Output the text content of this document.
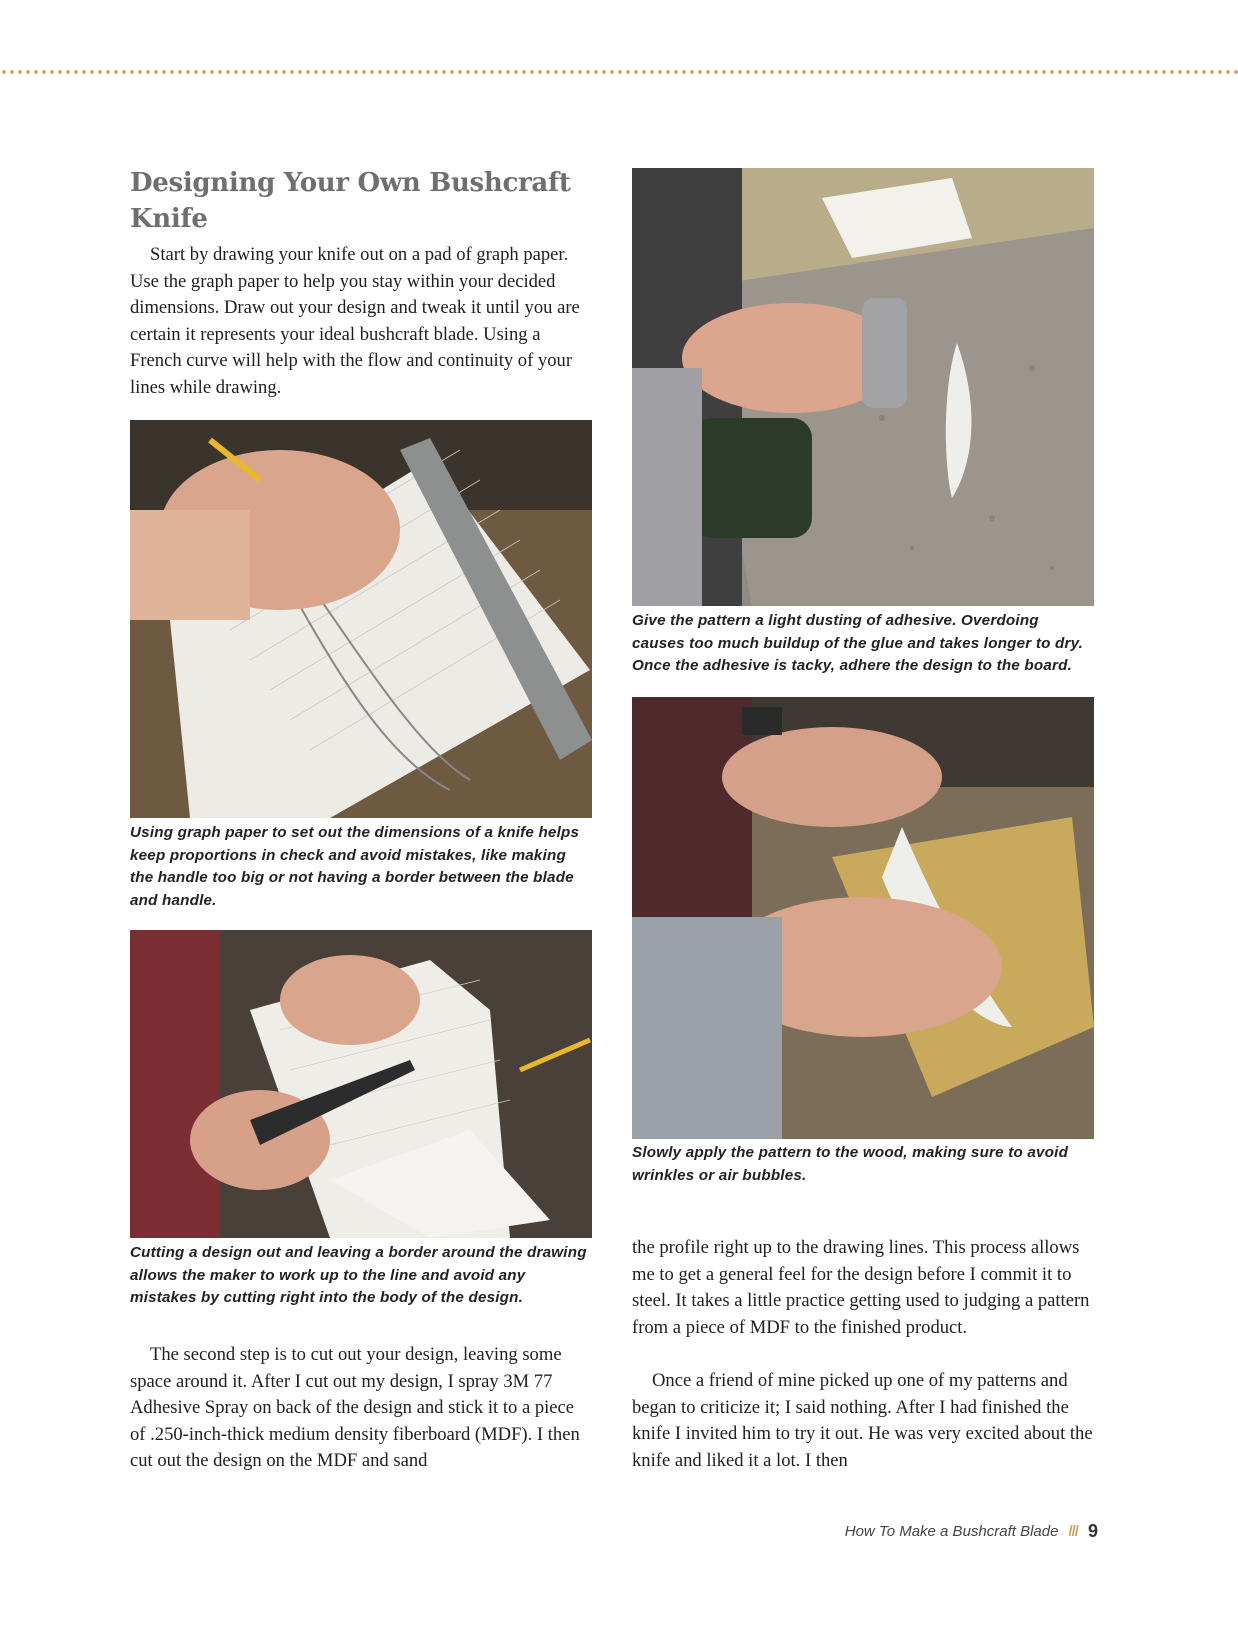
Designing Your Own Bushcraft Knife

Start by drawing your knife out on a pad of graph paper. Use the graph paper to help you stay within your decided dimensions. Draw out your design and tweak it until you are certain it represents your ideal bushcraft blade. Using a French curve will help with the flow and continuity of your lines while drawing.

Using graph paper to set out the dimensions of a knife helps keep proportions in check and avoid mistakes, like making the handle too big or not having a border between the blade and handle.

Cutting a design out and leaving a border around the drawing allows the maker to work up to the line and avoid any mistakes by cutting right into the body of the design.

The second step is to cut out your design, leaving some space around it. After I cut out my design, I spray 3M 77 Adhesive Spray on back of the design and stick it to a piece of .250-inch-thick medium density fiberboard (MDF). I then cut out the design on the MDF and sand

Give the pattern a light dusting of adhesive. Overdoing causes too much buildup of the glue and takes longer to dry. Once the adhesive is tacky, adhere the design to the board.

Slowly apply the pattern to the wood, making sure to avoid wrinkles or air bubbles.

the profile right up to the drawing lines. This process allows me to get a general feel for the design before I commit it to steel. It takes a little practice getting used to judging a pattern from a piece of MDF to the finished product.

Once a friend of mine picked up one of my patterns and began to criticize it; I said nothing. After I had finished the knife I invited him to try it out. He was very excited about the knife and liked it a lot. I then

How To Make a Bushcraft Blade /// 9
